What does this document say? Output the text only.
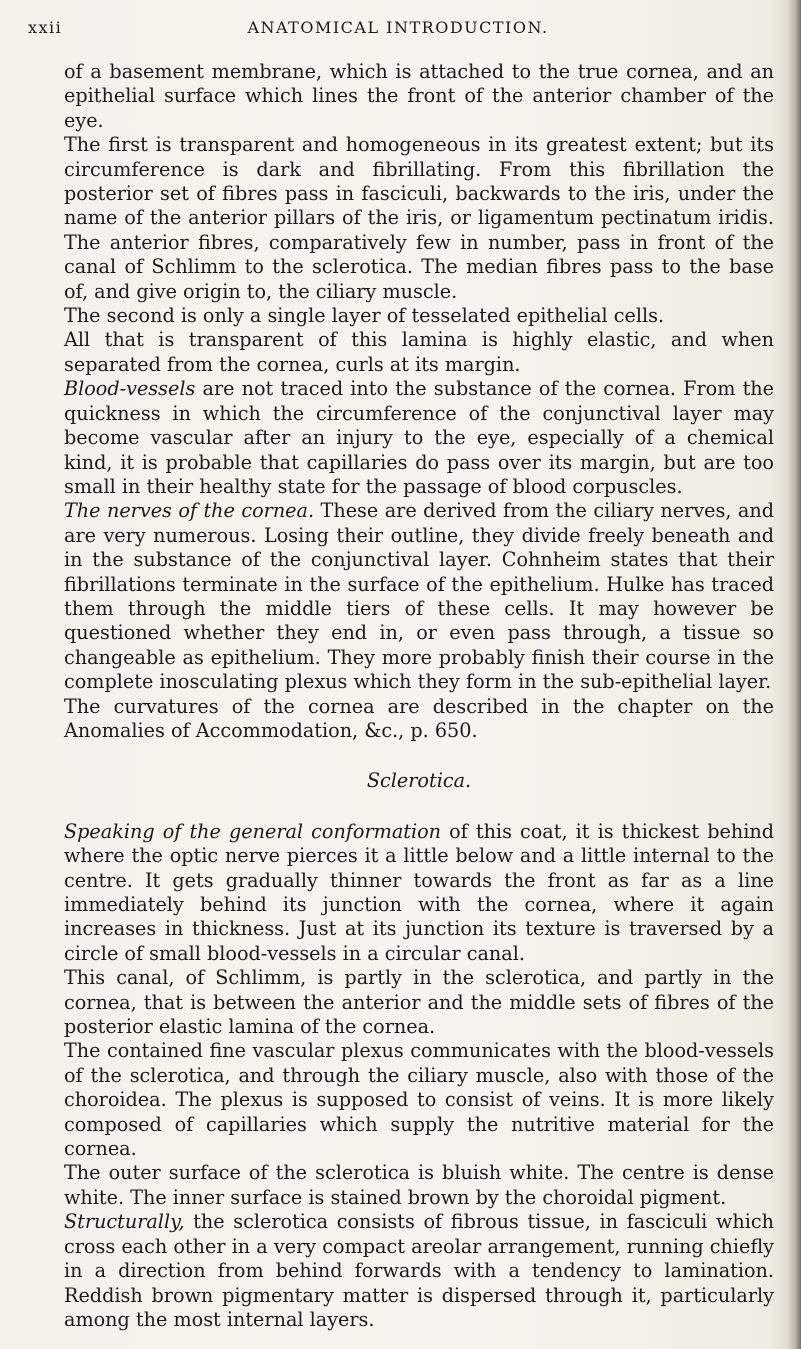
xxii	ANATOMICAL INTRODUCTION.

of a basement membrane, which is attached to the true cornea, and an epithelial surface which lines the front of the anterior chamber of the eye.

The first is transparent and homogeneous in its greatest extent; but its circumference is dark and fibrillating. From this fibrillation the posterior set of fibres pass in fasciculi, backwards to the iris, under the name of the anterior pillars of the iris, or ligamentum pectinatum iridis. The anterior fibres, comparatively few in number, pass in front of the canal of Schlimm to the sclerotica. The median fibres pass to the base of, and give origin to, the ciliary muscle.

The second is only a single layer of tesselated epithelial cells.

All that is transparent of this lamina is highly elastic, and when separated from the cornea, curls at its margin.

Blood-vessels are not traced into the substance of the cornea. From the quickness in which the circumference of the conjunctival layer may become vascular after an injury to the eye, especially of a chemical kind, it is probable that capillaries do pass over its margin, but are too small in their healthy state for the passage of blood corpuscles.

The nerves of the cornea. These are derived from the ciliary nerves, and are very numerous. Losing their outline, they divide freely beneath and in the substance of the conjunctival layer. Cohnheim states that their fibrillations terminate in the surface of the epithelium. Hulke has traced them through the middle tiers of these cells. It may however be questioned whether they end in, or even pass through, a tissue so changeable as epithelium. They more probably finish their course in the complete inosculating plexus which they form in the sub-epithelial layer.

The curvatures of the cornea are described in the chapter on the Anomalies of Accommodation, &c., p. 650.

Sclerotica.

Speaking of the general conformation of this coat, it is thickest behind where the optic nerve pierces it a little below and a little internal to the centre. It gets gradually thinner towards the front as far as a line immediately behind its junction with the cornea, where it again increases in thickness. Just at its junction its texture is traversed by a circle of small blood-vessels in a circular canal.

This canal, of Schlimm, is partly in the sclerotica, and partly in the cornea, that is between the anterior and the middle sets of fibres of the posterior elastic lamina of the cornea.

The contained fine vascular plexus communicates with the blood-vessels of the sclerotica, and through the ciliary muscle, also with those of the choroidea. The plexus is supposed to consist of veins. It is more likely composed of capillaries which supply the nutritive material for the cornea.

The outer surface of the sclerotica is bluish white. The centre is dense white. The inner surface is stained brown by the choroidal pigment.

Structurally, the sclerotica consists of fibrous tissue, in fasciculi which cross each other in a very compact areolar arrangement, running chiefly in a direction from behind forwards with a tendency to lamination. Reddish brown pigmentary matter is dispersed through it, particularly among the most internal layers.
